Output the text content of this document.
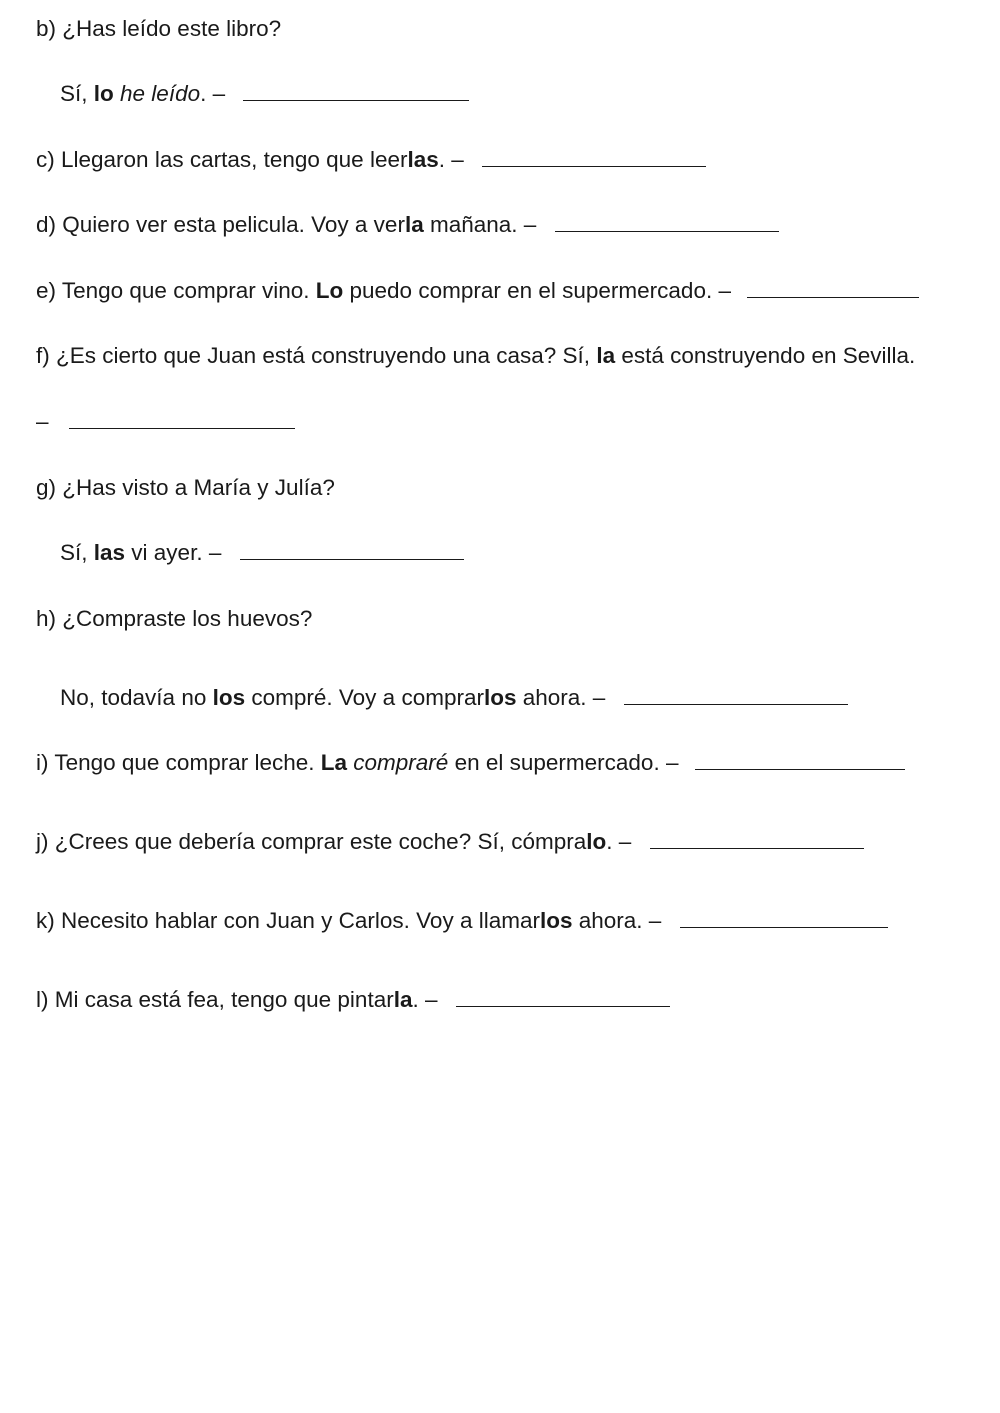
b) ¿Has leído este libro?
Sí, lo he leído. –
c) Llegaron las cartas, tengo que leerlas. –
d) Quiero ver esta pelicula. Voy a verla mañana. –
e) Tengo que comprar vino. Lo puedo comprar en el supermercado. –
f) ¿Es cierto que Juan está construyendo una casa? Sí, la está construyendo en Sevilla.
–
g) ¿Has visto a María y Julía?
Sí, las vi ayer. –
h) ¿Compraste los huevos?
No, todavía no los compré. Voy a comprarlos ahora. –
i) Tengo que comprar leche. La compraré en el supermercado. –
j) ¿Crees que debería comprar este coche? Sí, cómpralo. –
k) Necesito hablar con Juan y Carlos. Voy a llamarlos ahora. –
l) Mi casa está fea, tengo que pintarla. –
